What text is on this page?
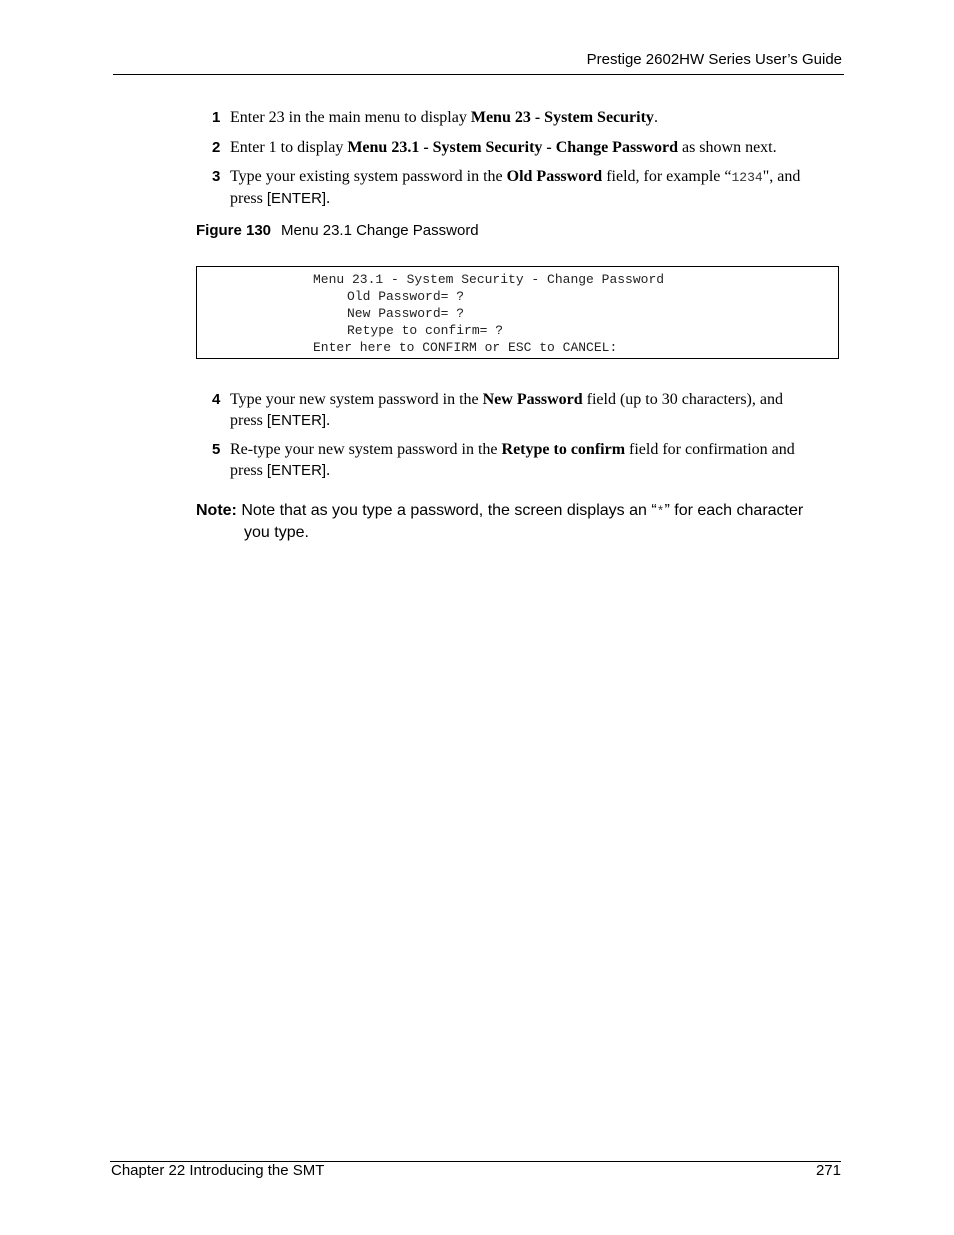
Prestige 2602HW Series User’s Guide
1 Enter 23 in the main menu to display Menu 23 - System Security.
2 Enter 1 to display Menu 23.1 - System Security - Change Password as shown next.
3 Type your existing system password in the Old Password field, for example “1234", and
press [ENTER].
Figure 130 Menu 23.1 Change Password
Menu 23.1 - System Security - Change Password
Old Password= ?
New Password= ?
Retype to confirm= ?
Enter here to CONFIRM or ESC to CANCEL:
4 Type your new system password in the New Password field (up to 30 characters), and
press [ENTER].
5 Re-type your new system password in the Retype to confirm field for confirmation and
press [ENTER].
Note: Note that as you type a password, the screen displays an “*” for each character
you type.
Chapter 22 Introducing the SMT	271
